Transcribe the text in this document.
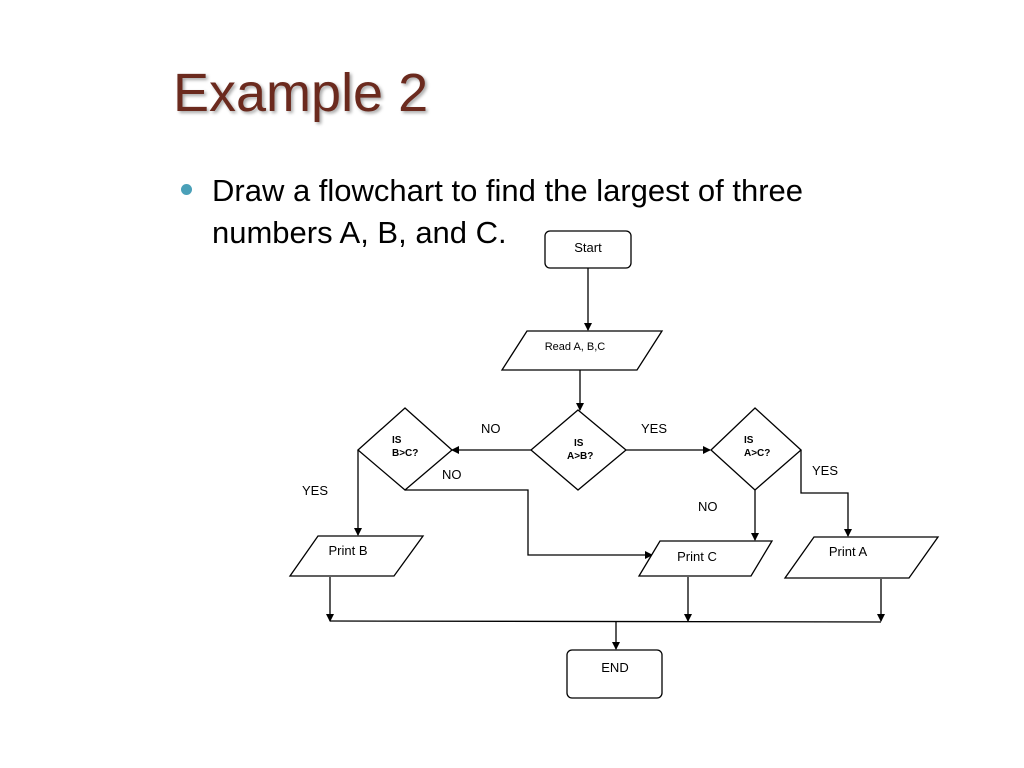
Example 2
Draw a flowchart to find the largest of three numbers A, B, and C.	Start
Read A, B,C
IS
A>B?
IS
B>C?
IS
A>C?
Print B	Print C	Print A
END
NO	YES
YES
NO	YES
NO
